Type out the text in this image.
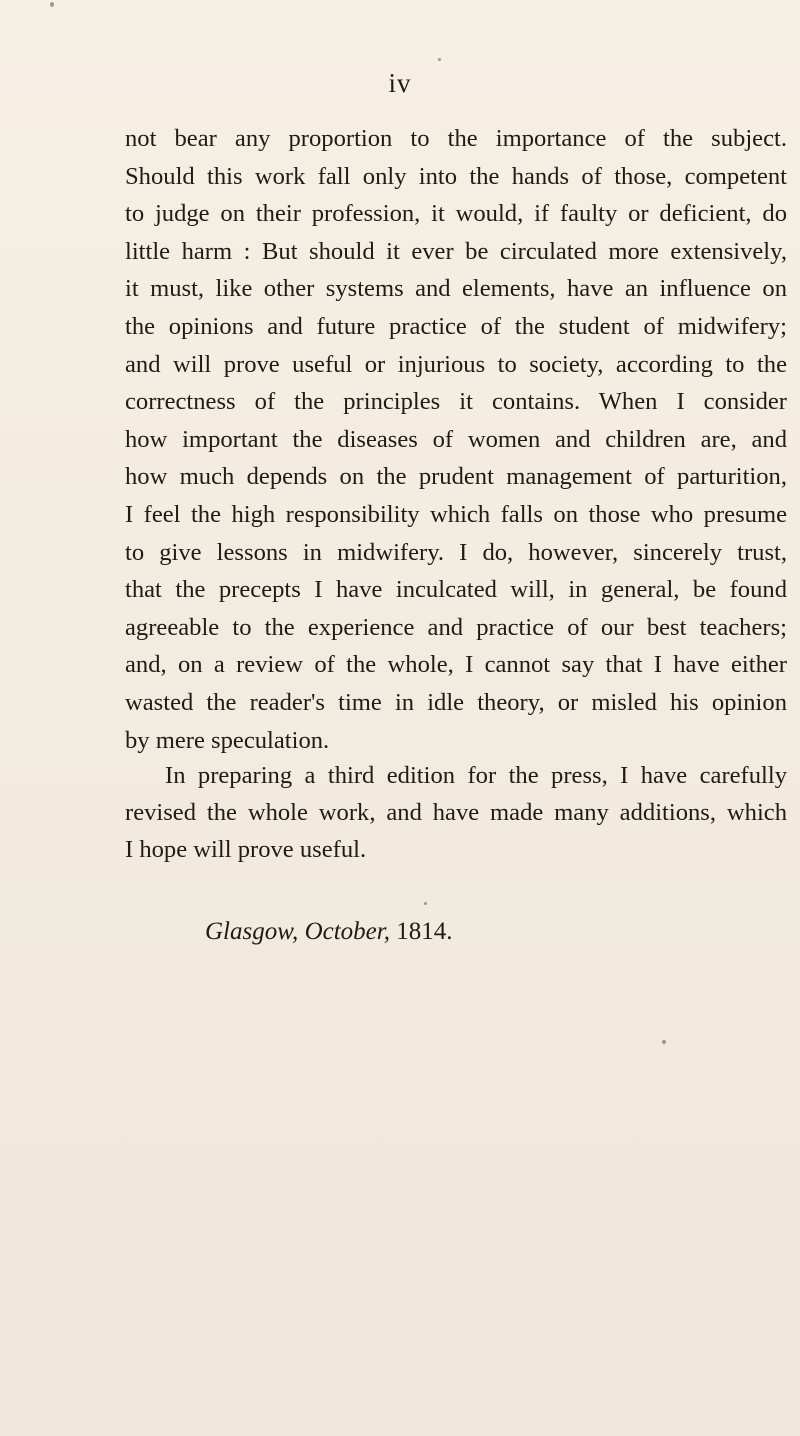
iv
not bear any proportion to the importance of the subject.
Should this work fall only into the hands of those, competent
to judge on their profession, it would, if faulty or deficient, do
little harm : But should it ever be circulated more extensively,
it must, like other systems and elements, have an influence on
the opinions and future practice of the student of midwifery;
and will prove useful or injurious to society, according to the
correctness of the principles it contains. When I consider
how important the diseases of women and children are, and
how much depends on the prudent management of parturition,
I feel the high responsibility which falls on those who presume
to give lessons in midwifery. I do, however, sincerely trust,
that the precepts I have inculcated will, in general, be found
agreeable to the experience and practice of our best teachers;
and, on a review of the whole, I cannot say that I have either
wasted the reader's time in idle theory, or misled his opinion
by mere speculation.
In preparing a third edition for the press, I have carefully
revised the whole work, and have made many additions, which
I hope will prove useful.
Glasgow, October, 1814.
